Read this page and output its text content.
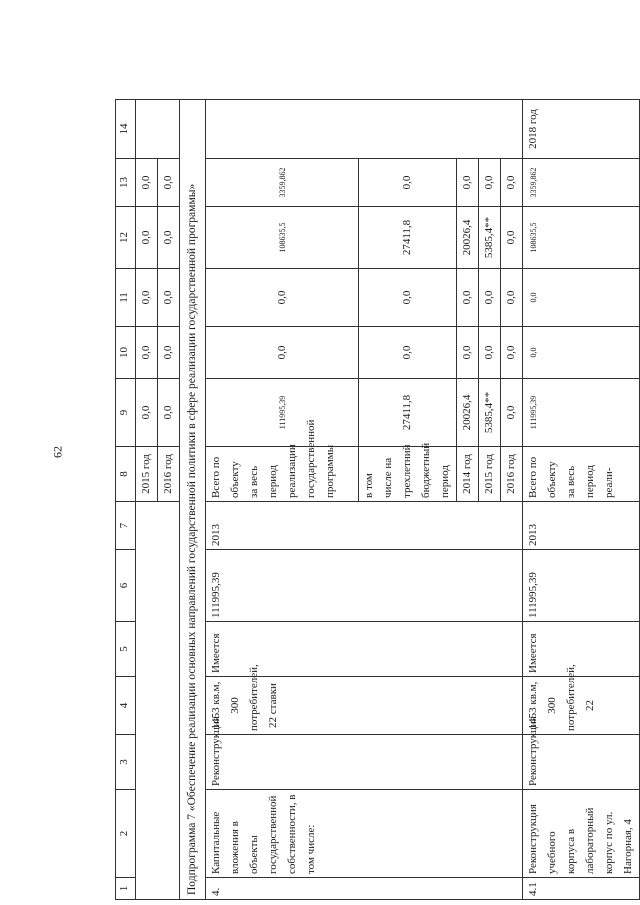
62
1	2	3	4	5	6	7	8	9	10	11	12	13	14
							2015 год	0,0	0,0	0,0	0,0	0,0	
							2016 год	0,0	0,0	0,0	0,0	0,0	
Подпрограмма 7 «Обеспечение реализации основных направлений государственной политики в сфере реализации государственной программы»													
4.	Капитальные вложения в объекты государственной собственности, в том числе:	Реконструкция	1453 кв.м, 300 потребителей, 22 ставки	Имеется	111995,39	2013	Всего по объекту за весь период реализации государственной программы	111995,39	0,0	0,0	108635,5	3359,862	
							в том числе на трехлетний бюджетный период	27411,8	0,0	0,0	27411,8	0,0	
							2014 год	20026,4	0,0	0,0	20026,4	0,0	
							2015 год	5385,4**	0,0	0,0	5385,4**	0,0	
							2016 год	0,0	0,0	0,0	0,0	0,0	
4.1	Реконструкция учебного корпуса в лабораторный корпус по ул. Нагорная, 4	Реконструкция	1453 кв.м, 300 потребителей, 22	Имеется	111995,39	2013	Всего по объекту за весь период реали-	111995,39	0,0	0,0	108635,5	3359,862	2018 год
